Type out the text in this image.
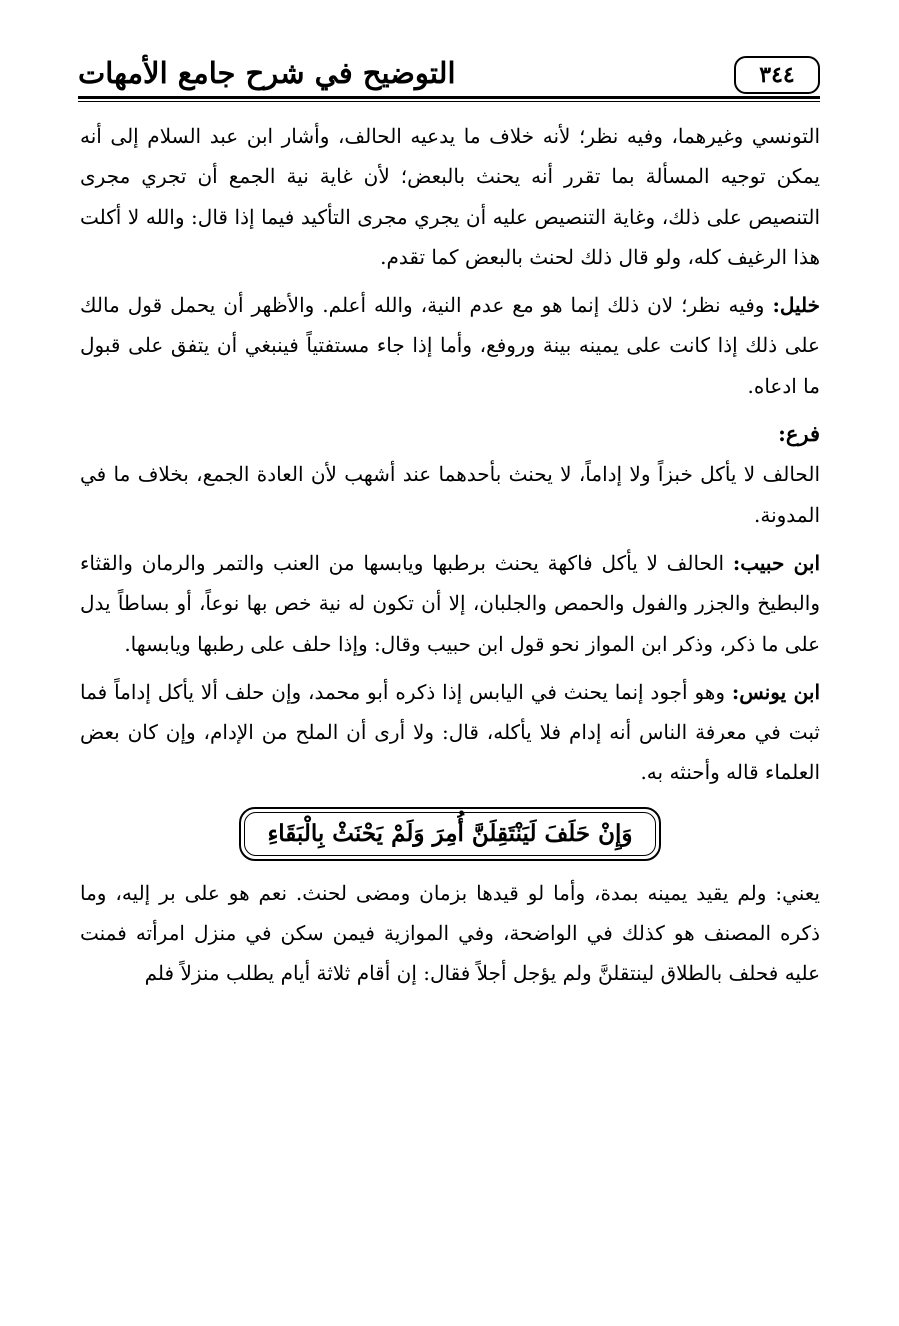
٣٤٤
التوضيح في شرح جامع الأمهات

التونسي وغيرهما، وفيه نظر؛ لأنه خلاف ما يدعيه الحالف، وأشار ابن عبد السلام إلى أنه يمكن توجيه المسألة بما تقرر أنه يحنث بالبعض؛ لأن غاية نية الجمع أن تجري مجرى التنصيص على ذلك، وغاية التنصيص عليه أن يجري مجرى التأكيد فيما إذا قال: والله لا أكلت هذا الرغيف كله، ولو قال ذلك لحنث بالبعض كما تقدم.

خليل: وفيه نظر؛ لان ذلك إنما هو مع عدم النية، والله أعلم. والأظهر أن يحمل قول مالك على ذلك إذا كانت على يمينه بينة وروفع، وأما إذا جاء مستفتياً فينبغي أن يتفق على قبول ما ادعاه.

فرع:

الحالف لا يأكل خبزاً ولا إداماً، لا يحنث بأحدهما عند أشهب لأن العادة الجمع، بخلاف ما في المدونة.

ابن حبيب: الحالف لا يأكل فاكهة يحنث برطبها ويابسها من العنب والتمر والرمان والقثاء والبطيخ والجزر والفول والحمص والجلبان، إلا أن تكون له نية خص بها نوعاً، أو بساطاً يدل على ما ذكر، وذكر ابن المواز نحو قول ابن حبيب وقال: وإذا حلف على رطبها ويابسها.

ابن يونس: وهو أجود إنما يحنث في اليابس إذا ذكره أبو محمد، وإن حلف ألا يأكل إداماً فما ثبت في معرفة الناس أنه إدام فلا يأكله، قال: ولا أرى أن الملح من الإدام، وإن كان بعض العلماء قاله وأحنثه به.

وَإِنْ حَلَفَ لَيَنْتَقِلَنَّ أُمِرَ وَلَمْ يَحْنَثْ بِالْبَقَاءِ

يعني: ولم يقيد يمينه بمدة، وأما لو قيدها بزمان ومضى لحنث. نعم هو على بر إليه، وما ذكره المصنف هو كذلك في الواضحة، وفي الموازية فيمن سكن في منزل امرأته فمنت عليه فحلف بالطلاق لينتقلنَّ ولم يؤجل أجلاً فقال: إن أقام ثلاثة أيام يطلب منزلاً فلم
